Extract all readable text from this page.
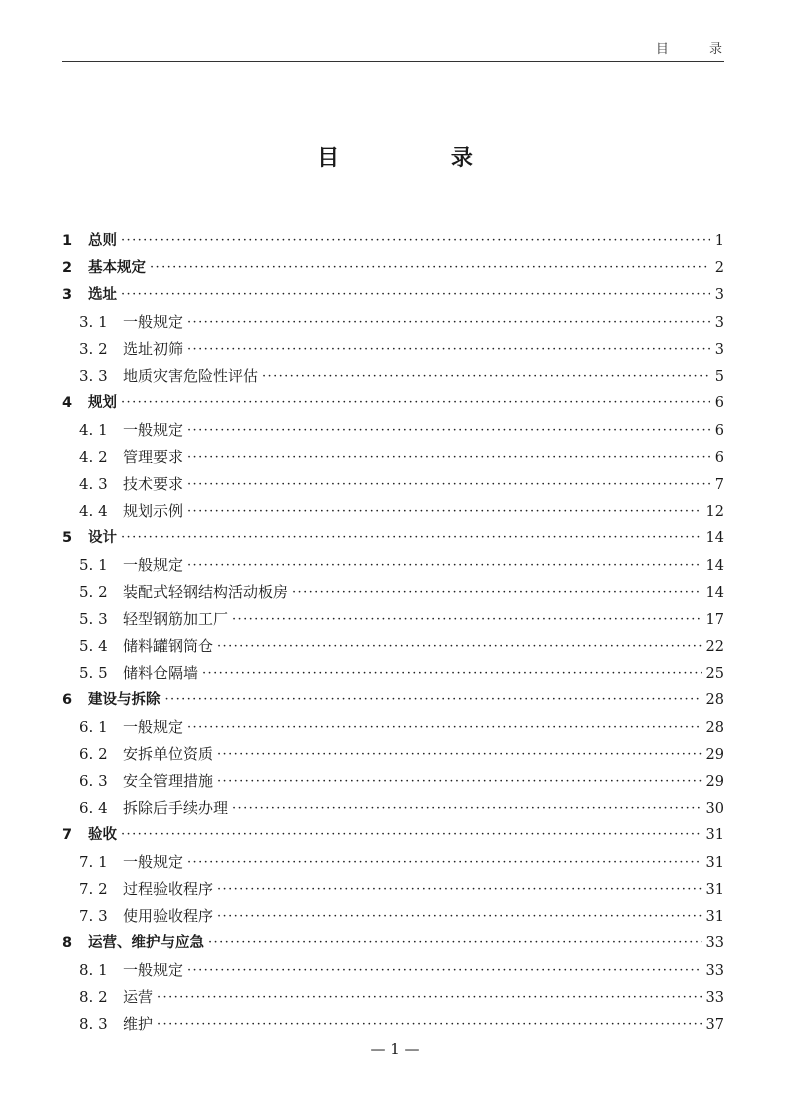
目 录
目 录
1	总则 ·····	1
2	基本规定 ·····	2
3	选址 ·····	3
3. 1	一般规定 ·····	3
3. 2	选址初筛 ·····	3
3. 3	地质灾害危险性评估 ·····	5
4	规划 ·····	6
4. 1	一般规定 ·····	6
4. 2	管理要求 ·····	6
4. 3	技术要求 ·····	7
4. 4	规划示例 ·····	12
5	设计 ·····	14
5. 1	一般规定 ·····	14
5. 2	装配式轻钢结构活动板房 ·····	14
5. 3	轻型钢筋加工厂 ·····	17
5. 4	储料罐钢筒仓 ·····	22
5. 5	储料仓隔墙 ·····	25
6	建设与拆除 ·····	28
6. 1	一般规定 ·····	28
6. 2	安拆单位资质 ·····	29
6. 3	安全管理措施 ·····	29
6. 4	拆除后手续办理 ·····	30
7	验收 ·····	31
7. 1	一般规定 ·····	31
7. 2	过程验收程序 ·····	31
7. 3	使用验收程序 ·····	31
8	运营、维护与应急 ·····	33
8. 1	一般规定 ·····	33
8. 2	运营 ·····	33
8. 3	维护 ·····	37
— 1 —
